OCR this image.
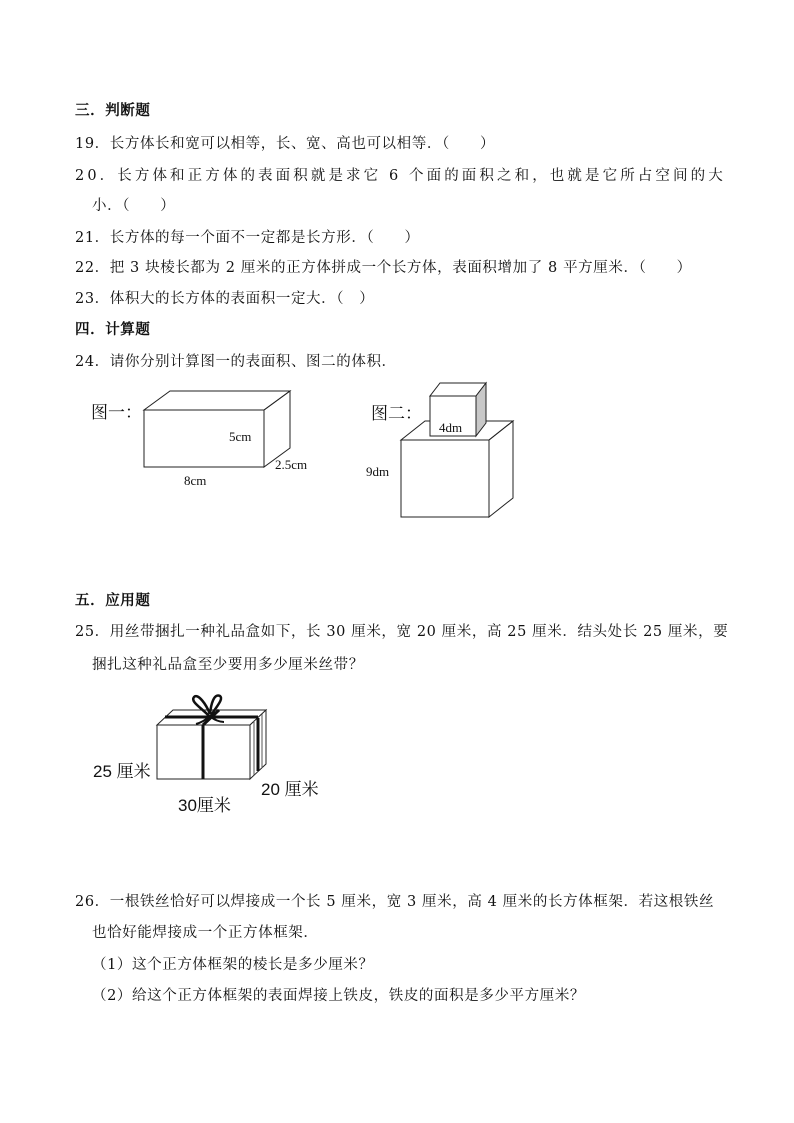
三．判断题
19．长方体长和宽可以相等，长、宽、高也可以相等．（　　）
20．长方体和正方体的表面积就是求它 6 个面的面积之和，也就是它所占空间的大
小．（　　）
21．长方体的每一个面不一定都是长方形．（　　）
22．把 3 块棱长都为 2 厘米的正方体拼成一个长方体，表面积增加了 8 平方厘米．（　　）
23．体积大的长方体的表面积一定大．（　）
四．计算题
24．请你分别计算图一的表面积、图二的体积．
图一：
5cm
2.5cm
8cm
图二：
4dm
9dm
五．应用题
25．用丝带捆扎一种礼品盒如下，长 30 厘米，宽 20 厘米，高 25 厘米．结头处长 25 厘米，要
捆扎这种礼品盒至少要用多少厘米丝带？
25 厘米
30厘米
20 厘米
26．一根铁丝恰好可以焊接成一个长 5 厘米，宽 3 厘米，高 4 厘米的长方体框架．若这根铁丝
也恰好能焊接成一个正方体框架．
（1）这个正方体框架的棱长是多少厘米？
（2）给这个正方体框架的表面焊接上铁皮，铁皮的面积是多少平方厘米？
